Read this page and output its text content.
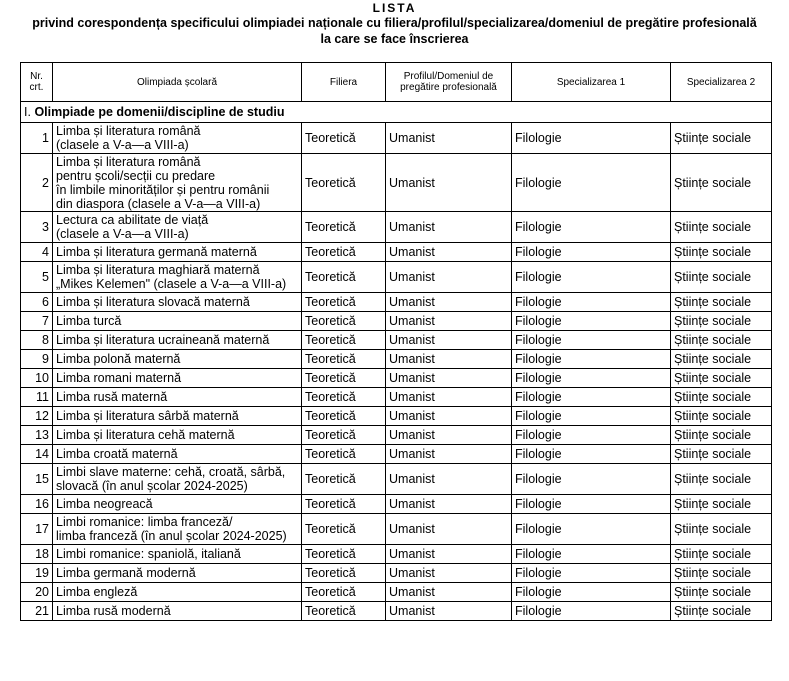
LISTA
privind corespondența specificului olimpiadei naționale cu filiera/profilul/specializarea/domeniul de pregătire profesională la care se face înscrierea
Nr. crt.	Olimpiada școlară	Filiera	Profilul/Domeniul de pregătire profesională	Specializarea 1	Specializarea 2
I. Olimpiade pe domenii/discipline de studiu					
1	Limba și literatura română
(clasele a V-a—a VIII-a)	Teoretică	Umanist	Filologie	Științe sociale
2	Limba și literatura română
pentru școli/secții cu predare
în limbile minorităților și pentru românii
din diaspora (clasele a V-a—a VIII-a)	Teoretică	Umanist	Filologie	Științe sociale
3	Lectura ca abilitate de viață
(clasele a V-a—a VIII-a)	Teoretică	Umanist	Filologie	Științe sociale
4	Limba și literatura germană maternă	Teoretică	Umanist	Filologie	Științe sociale
5	Limba și literatura maghiară maternă
„Mikes Kelemen" (clasele a V-a—a VIII-a)	Teoretică	Umanist	Filologie	Științe sociale
6	Limba și literatura slovacă maternă	Teoretică	Umanist	Filologie	Științe sociale
7	Limba turcă	Teoretică	Umanist	Filologie	Științe sociale
8	Limba și literatura ucraineană maternă	Teoretică	Umanist	Filologie	Științe sociale
9	Limba polonă maternă	Teoretică	Umanist	Filologie	Științe sociale
10	Limba romani maternă	Teoretică	Umanist	Filologie	Științe sociale
11	Limba rusă maternă	Teoretică	Umanist	Filologie	Științe sociale
12	Limba și literatura sârbă maternă	Teoretică	Umanist	Filologie	Științe sociale
13	Limba și literatura cehă maternă	Teoretică	Umanist	Filologie	Științe sociale
14	Limba croată maternă	Teoretică	Umanist	Filologie	Științe sociale
15	Limbi slave materne: cehă, croată, sârbă,
slovacă (în anul școlar 2024-2025)	Teoretică	Umanist	Filologie	Științe sociale
16	Limba neogreacă	Teoretică	Umanist	Filologie	Științe sociale
17	Limbi romanice: limba franceză/
limba franceză (în anul școlar 2024-2025)	Teoretică	Umanist	Filologie	Științe sociale
18	Limbi romanice: spaniolă, italiană	Teoretică	Umanist	Filologie	Științe sociale
19	Limba germană modernă	Teoretică	Umanist	Filologie	Științe sociale
20	Limba engleză	Teoretică	Umanist	Filologie	Științe sociale
21	Limba rusă modernă	Teoretică	Umanist	Filologie	Științe sociale
